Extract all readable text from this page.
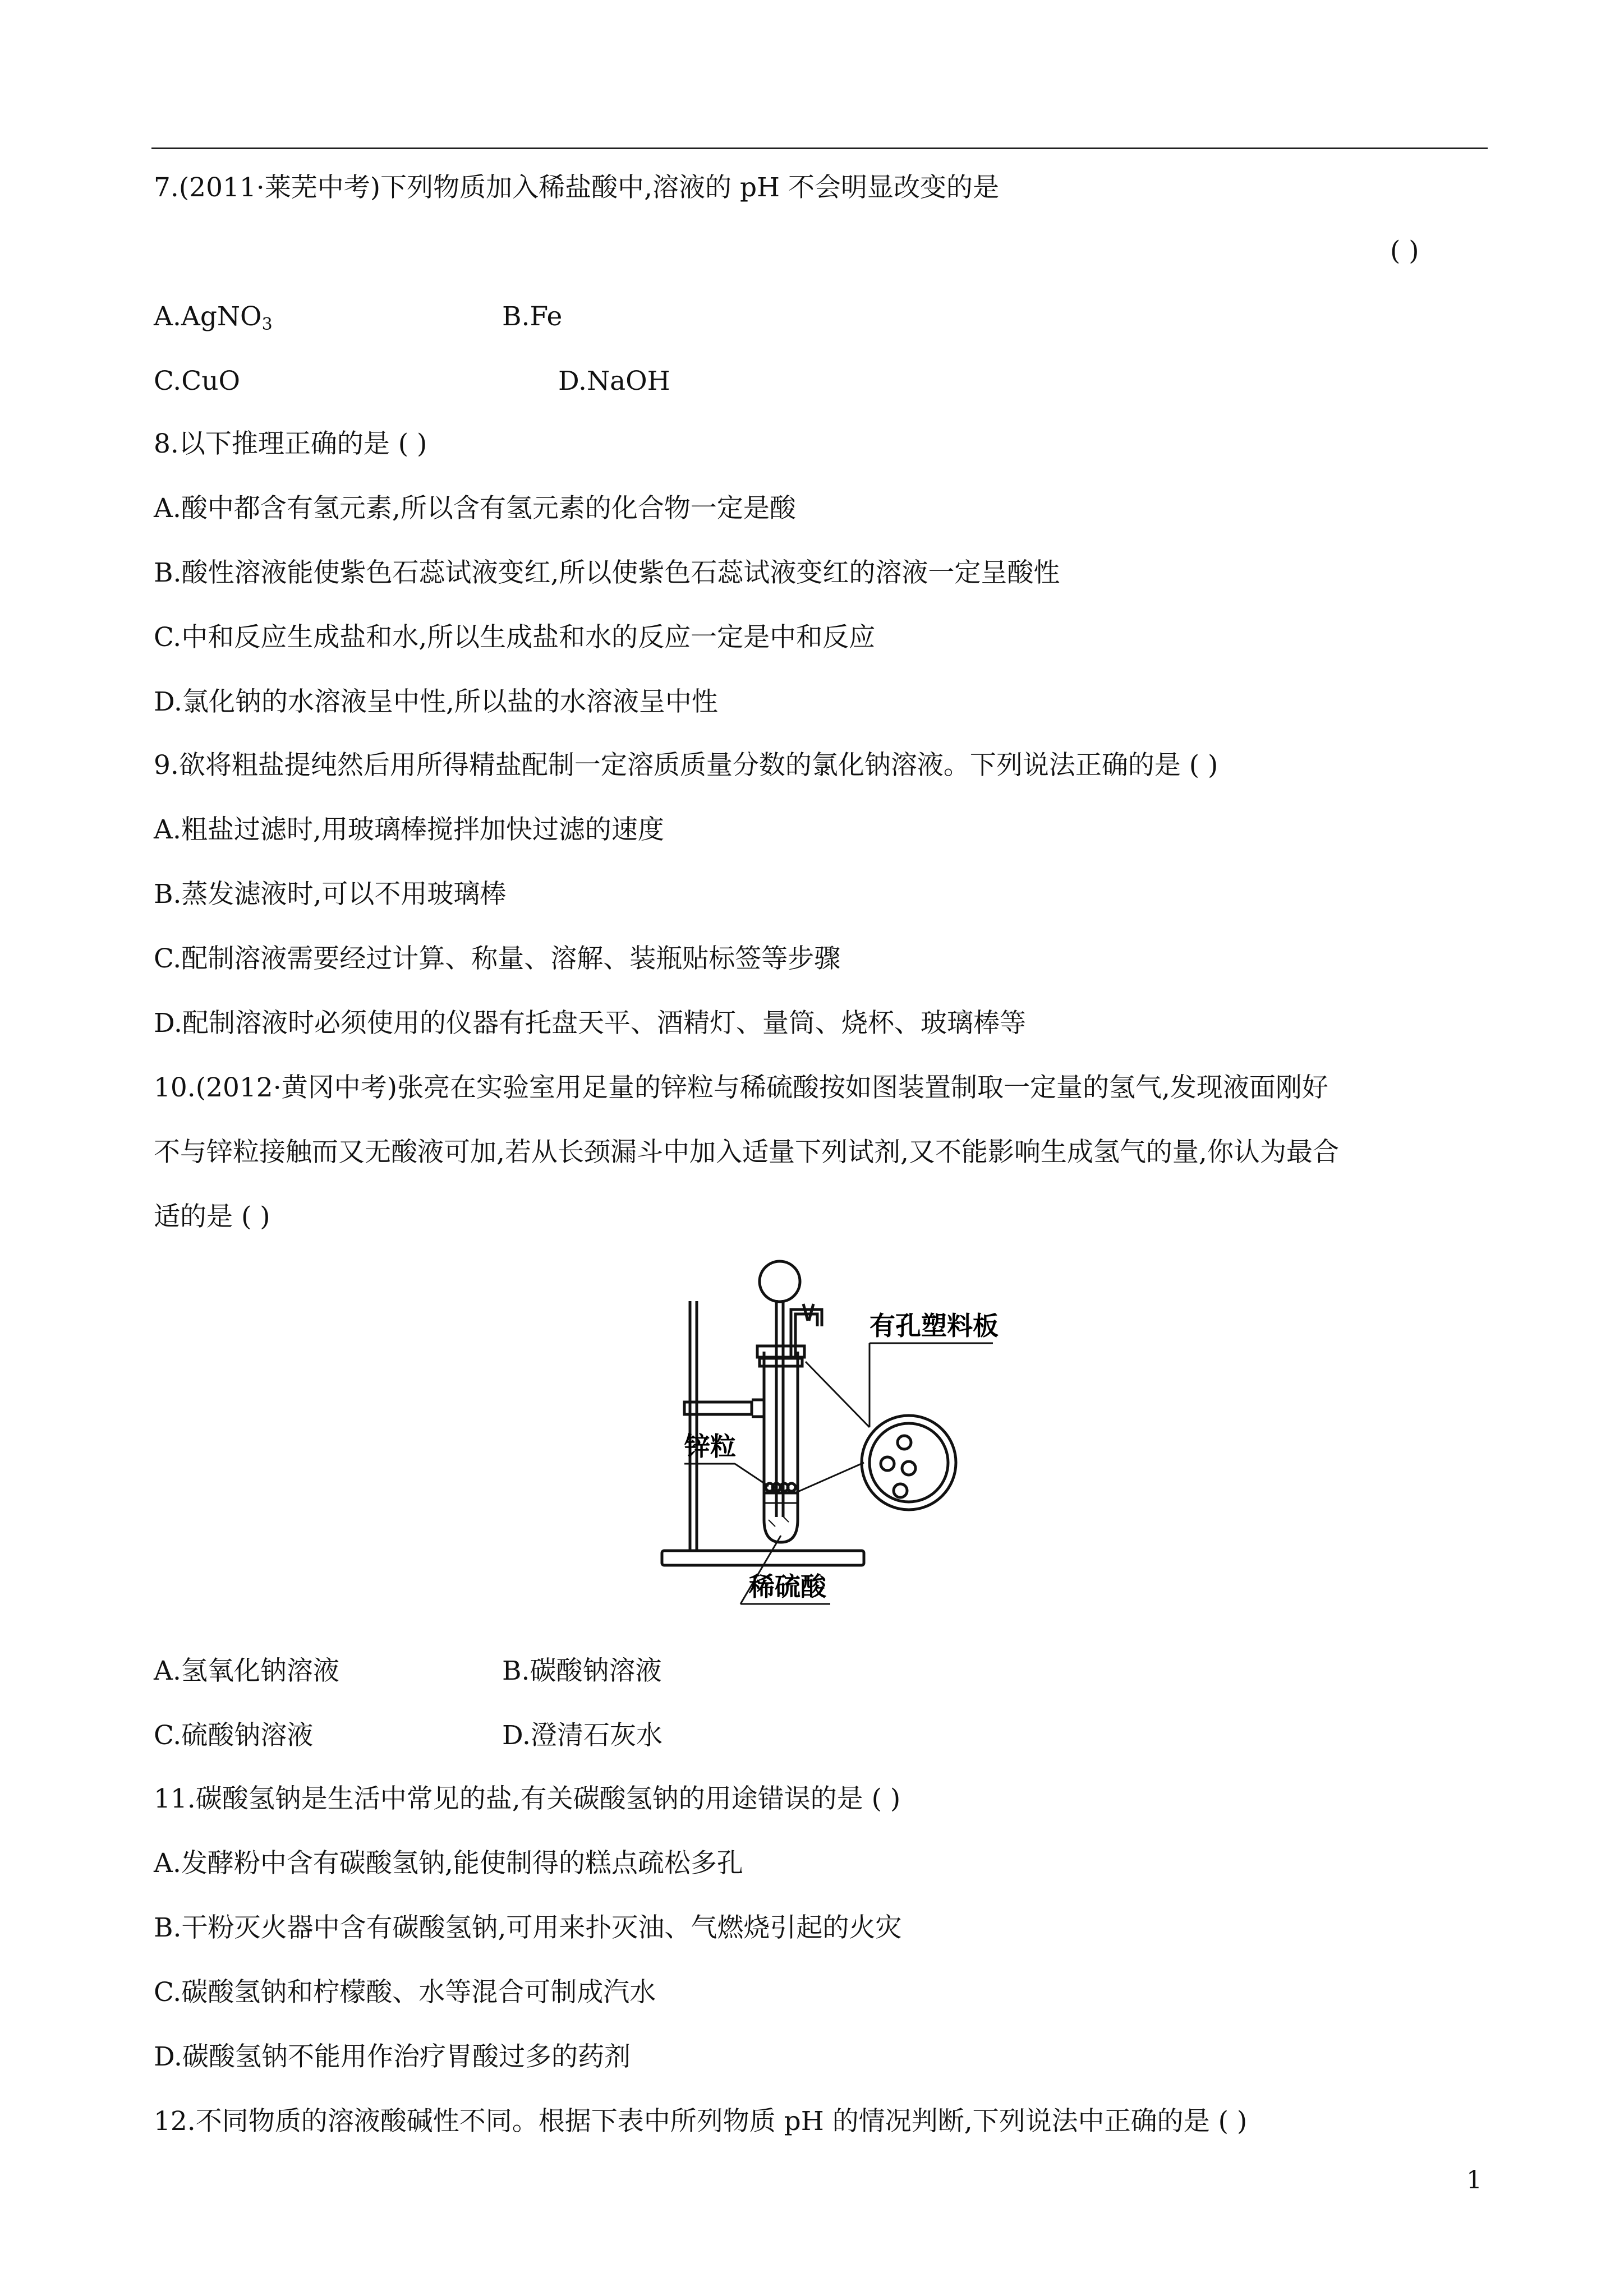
7.(2011·莱芜中考)下列物质加入稀盐酸中,溶液的 pH 不会明显改变的是
( )
A.AgNO$_3$	B.Fe
C.CuO	D.NaOH
8.以下推理正确的是 ( )
A.酸中都含有氢元素,所以含有氢元素的化合物一定是酸
B.酸性溶液能使紫色石蕊试液变红,所以使紫色石蕊试液变红的溶液一定呈酸性
C.中和反应生成盐和水,所以生成盐和水的反应一定是中和反应
D.氯化钠的水溶液呈中性,所以盐的水溶液呈中性
9.欲将粗盐提纯然后用所得精盐配制一定溶质质量分数的氯化钠溶液。下列说法正确的是 ( )
A.粗盐过滤时,用玻璃棒搅拌加快过滤的速度
B.蒸发滤液时,可以不用玻璃棒
C.配制溶液需要经过计算、称量、溶解、装瓶贴标签等步骤
D.配制溶液时必须使用的仪器有托盘天平、酒精灯、量筒、烧杯、玻璃棒等
10.(2012·黄冈中考)张亮在实验室用足量的锌粒与稀硫酸按如图装置制取一定量的氢气,发现液面刚好
不与锌粒接触而又无酸液可加,若从长颈漏斗中加入适量下列试剂,又不能影响生成氢气的量,你认为最合
适的是 ( )
有孔塑料板
锌粒
稀硫酸
A.氢氧化钠溶液	B.碳酸钠溶液
C.硫酸钠溶液	D.澄清石灰水
11.碳酸氢钠是生活中常见的盐,有关碳酸氢钠的用途错误的是 ( )
A.发酵粉中含有碳酸氢钠,能使制得的糕点疏松多孔
B.干粉灭火器中含有碳酸氢钠,可用来扑灭油、气燃烧引起的火灾
C.碳酸氢钠和柠檬酸、水等混合可制成汽水
D.碳酸氢钠不能用作治疗胃酸过多的药剂
12.不同物质的溶液酸碱性不同。根据下表中所列物质 pH 的情况判断,下列说法中正确的是 ( )
1
